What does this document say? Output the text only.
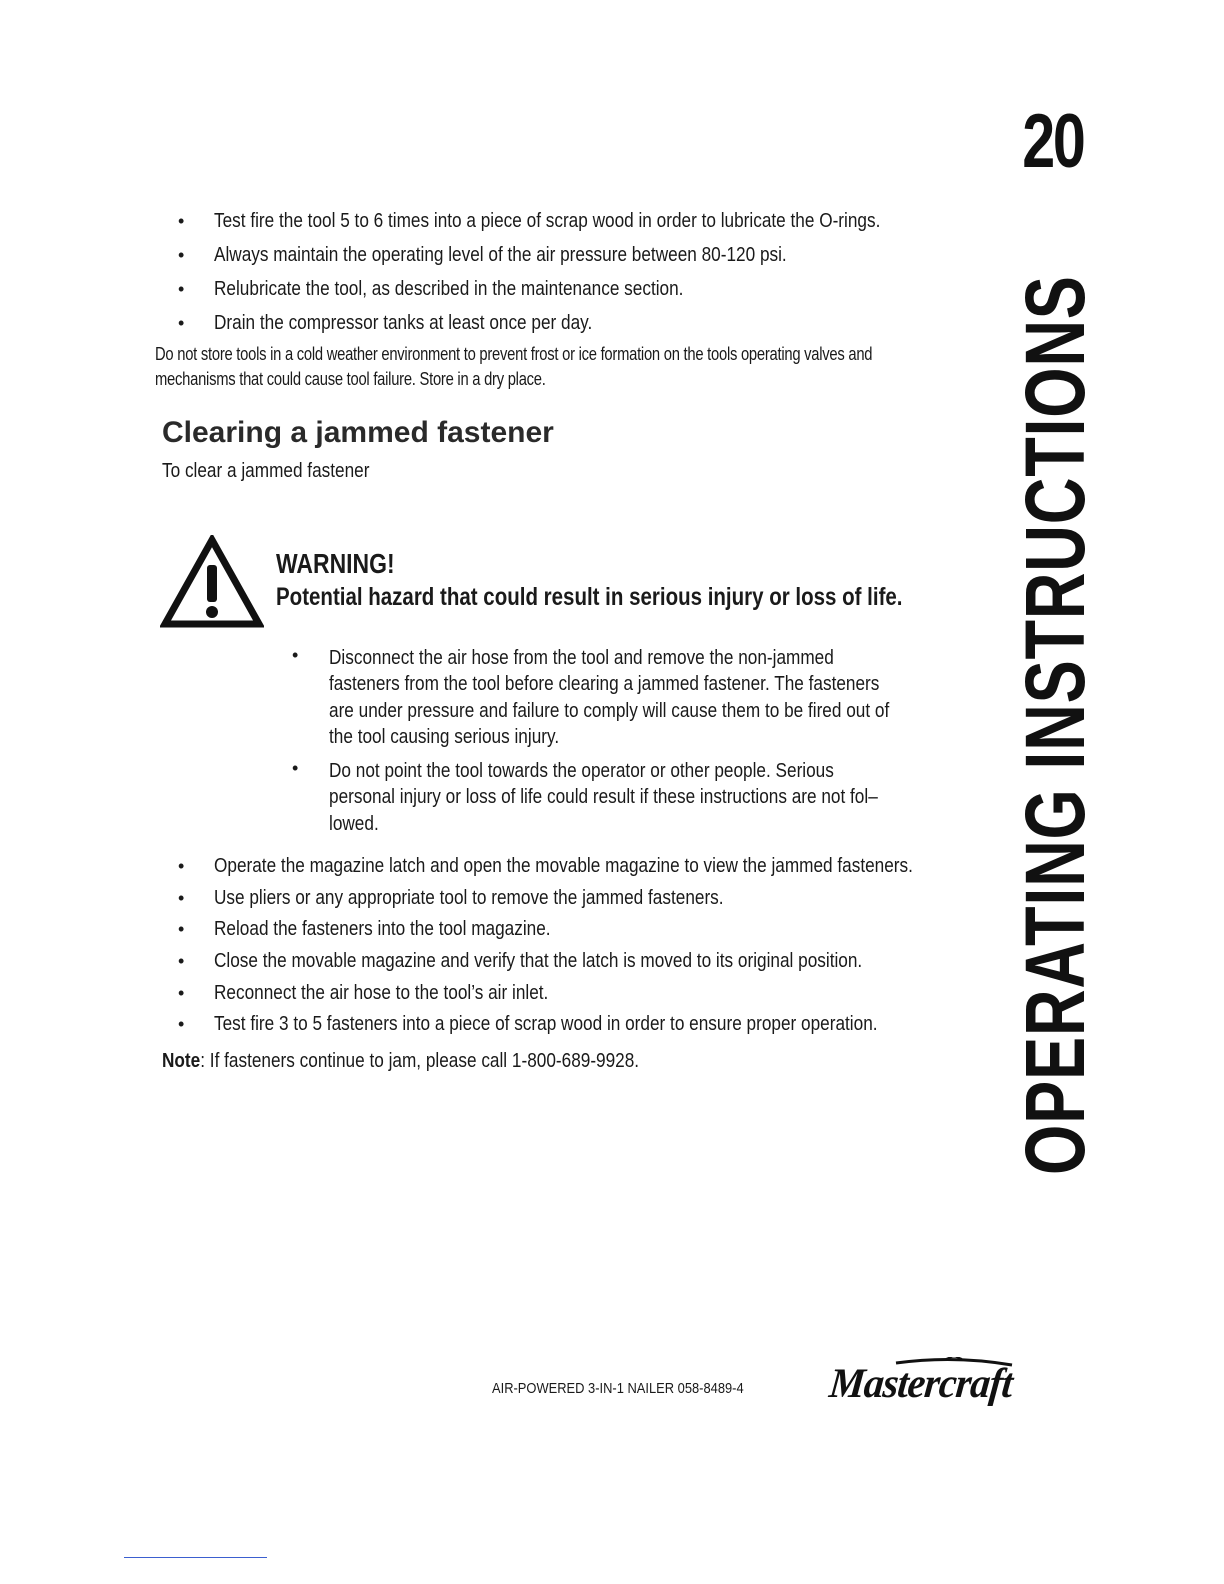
20
OPERATING INSTRUCTIONS
• Test fire the tool 5 to 6 times into a piece of scrap wood in order to lubricate the O-rings.
• Always maintain the operating level of the air pressure between 80-120 psi.
• Relubricate the tool, as described in the maintenance section.
• Drain the compressor tanks at least once per day.
Do not store tools in a cold weather environment to prevent frost or ice formation on the tools operating valves and
mechanisms that could cause tool failure. Store in a dry place.
Clearing a jammed fastener
To clear a jammed fastener
WARNING!
Potential hazard that could result in serious injury or loss of life.
• Disconnect the air hose from the tool and remove the non-jammed
fasteners from the tool before clearing a jammed fastener. The fasteners
are under pressure and failure to comply will cause them to be fired out of
the tool causing serious injury.
• Do not point the tool towards the operator or other people. Serious
personal injury or loss of life could result if these instructions are not fol–
lowed.
• Operate the magazine latch and open the movable magazine to view the jammed fasteners.
• Use pliers or any appropriate tool to remove the jammed fasteners.
• Reload the fasteners into the tool magazine.
• Close the movable magazine and verify that the latch is moved to its original position.
• Reconnect the air hose to the tool’s air inlet.
• Test fire 3 to 5 fasteners into a piece of scrap wood in order to ensure proper operation.
Note: If fasteners continue to jam, please call 1-800-689-9928.
AIR-POWERED 3-IN-1 NAILER 058-8489-4 Mastercraft
